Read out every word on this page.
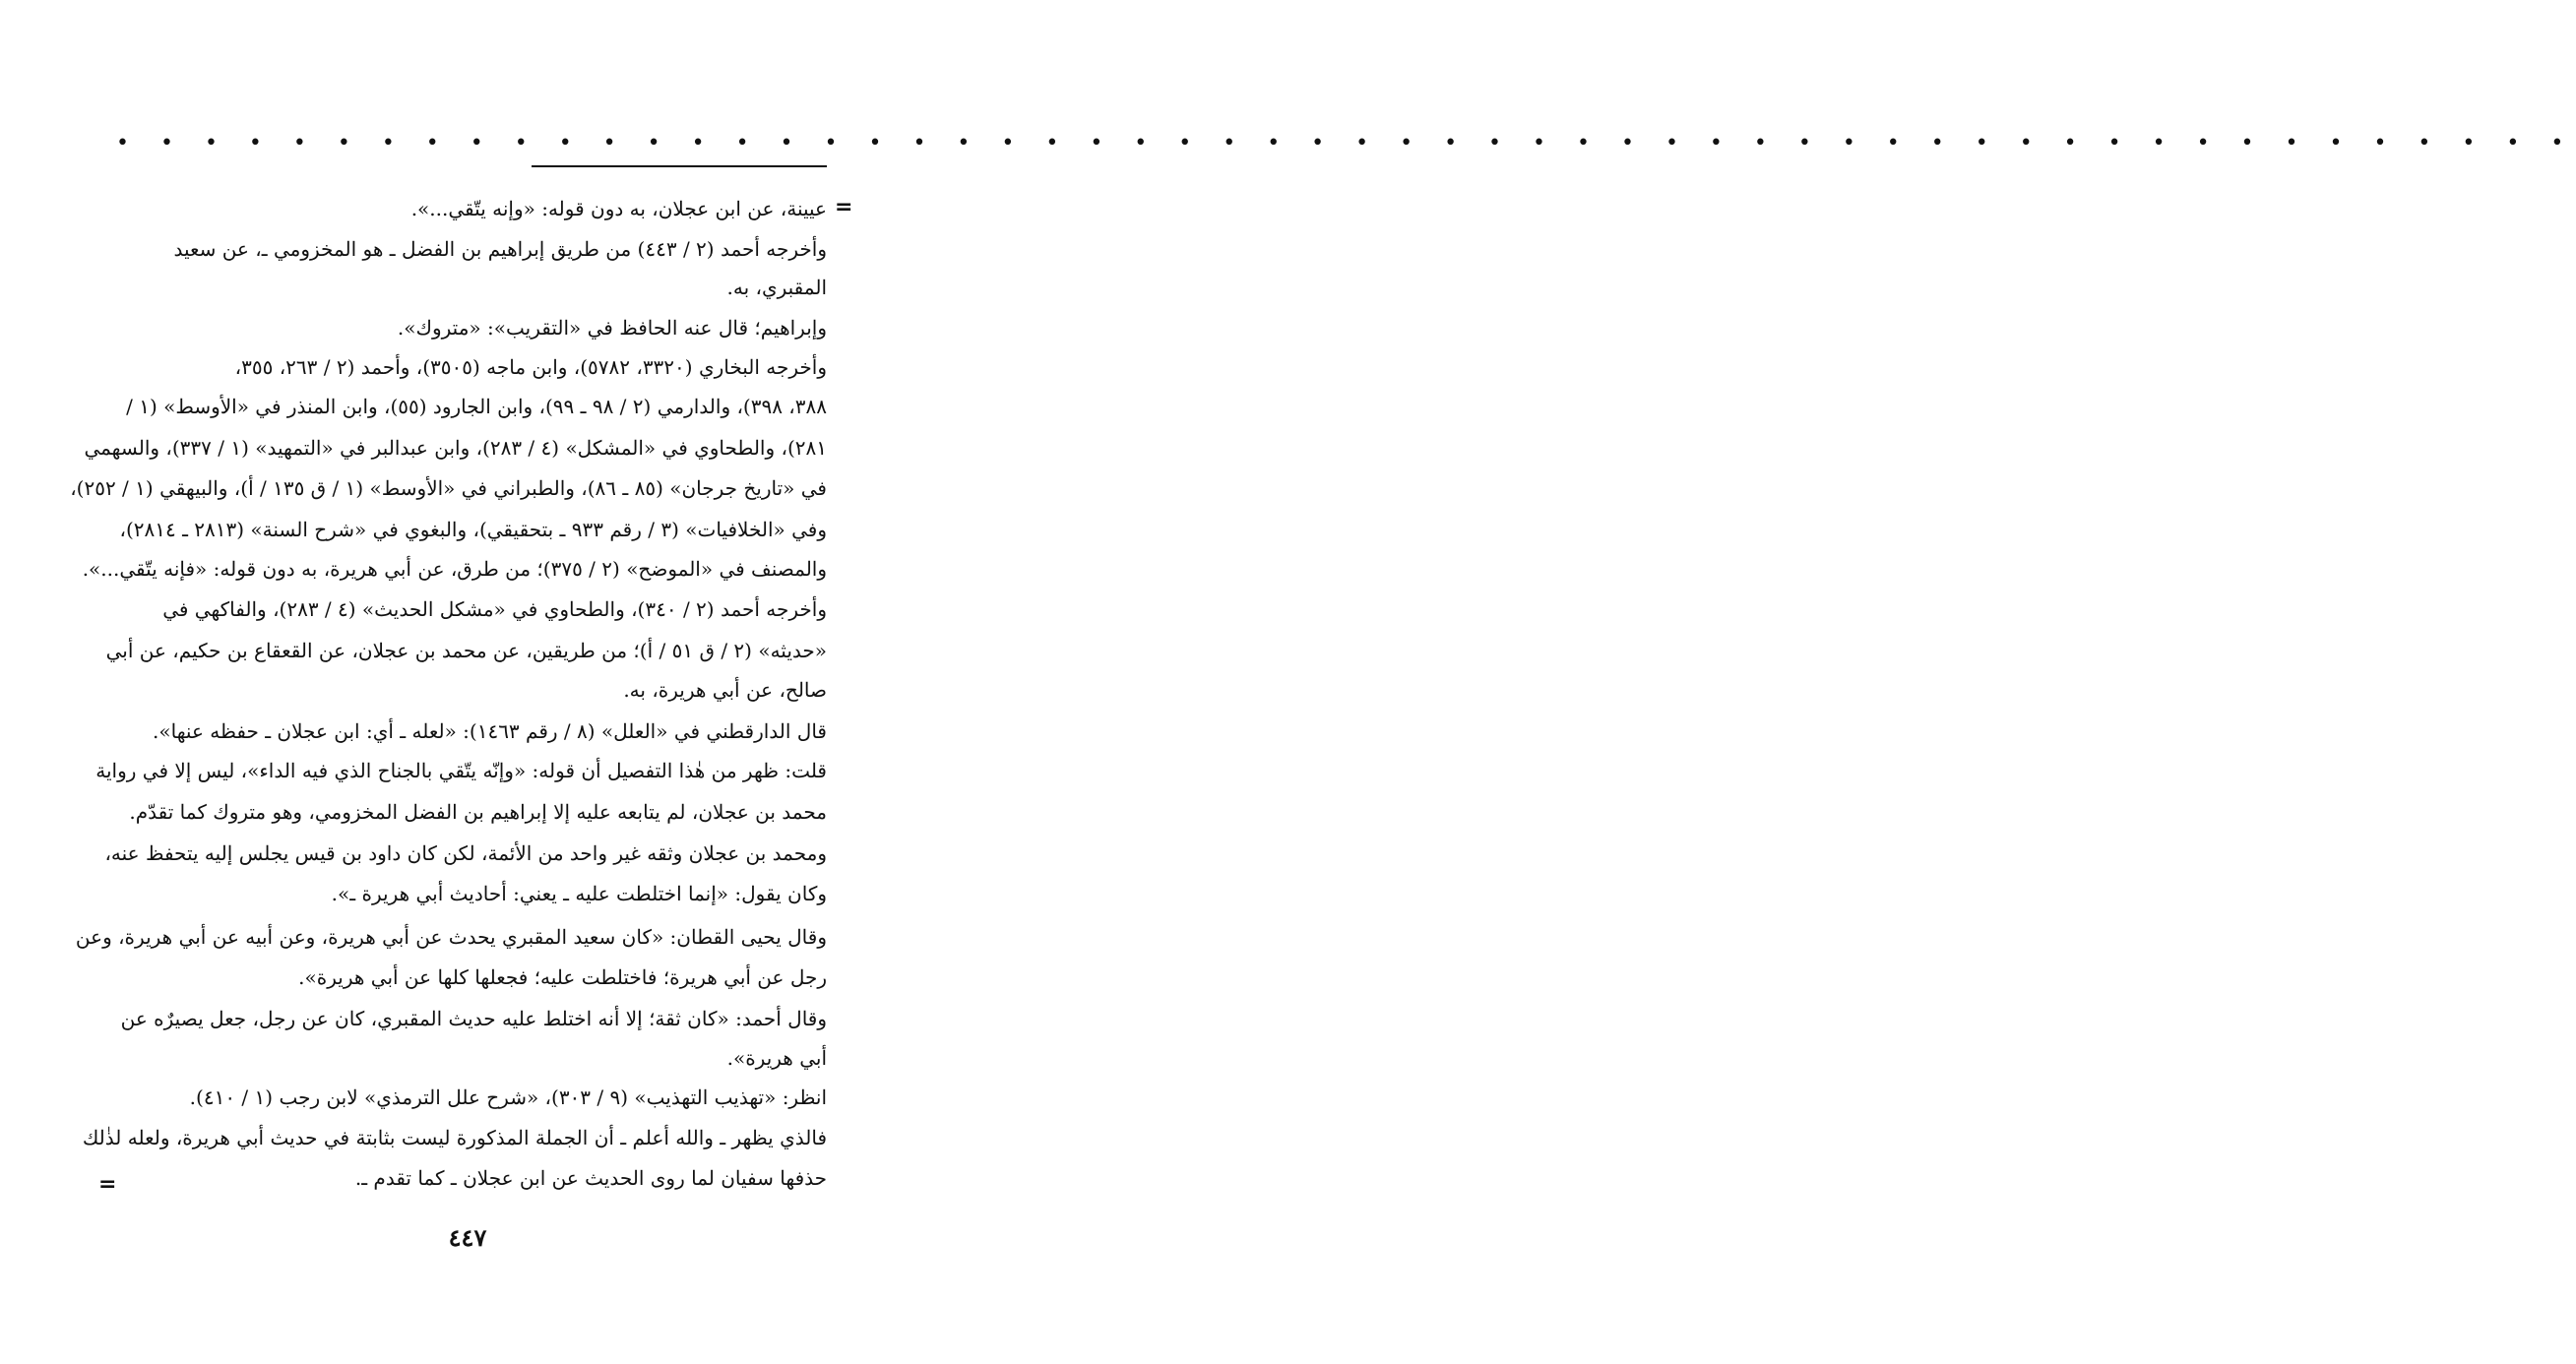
• • • • • • • • • • • • • • • • • • • • • • • • • • • • • • • • • • • • • • • • • • • • • • • • • • • • • • • •
=
=
عيينة، عن ابن عجلان، به دون قوله: «وإنه يتّقي...».
وأخرجه أحمد (٢ / ٤٤٣) من طريق إبراهيم بن الفضل ـ هو المخزومي ـ، عن سعيد
المقبري، به.
وإبراهيم؛ قال عنه الحافظ في «التقريب»: «متروك».
وأخرجه البخاري (٣٣٢٠، ٥٧٨٢)، وابن ماجه (٣٥٠٥)، وأحمد (٢ / ٢٦٣، ٣٥٥،
٣٨٨، ٣٩٨)، والدارمي (٢ / ٩٨ ـ ٩٩)، وابن الجارود (٥٥)، وابن المنذر في «الأوسط» (١ /
٢٨١)، والطحاوي في «المشكل» (٤ / ٢٨٣)، وابن عبدالبر في «التمهيد» (١ / ٣٣٧)، والسهمي
في «تاريخ جرجان» (٨٥ ـ ٨٦)، والطبراني في «الأوسط» (١ / ق ١٣٥ / أ)، والبيهقي (١ / ٢٥٢)،
وفي «الخلافيات» (٣ / رقم ٩٣٣ ـ بتحقيقي)، والبغوي في «شرح السنة» (٢٨١٣ ـ ٢٨١٤)،
والمصنف في «الموضح» (٢ / ٣٧٥)؛ من طرق، عن أبي هريرة، به دون قوله: «فإنه يتّقي...».
وأخرجه أحمد (٢ / ٣٤٠)، والطحاوي في «مشكل الحديث» (٤ / ٢٨٣)، والفاكهي في
«حديثه» (٢ / ق ٥١ / أ)؛ من طريقين، عن محمد بن عجلان، عن القعقاع بن حكيم، عن أبي
صالح، عن أبي هريرة، به.
قال الدارقطني في «العلل» (٨ / رقم ١٤٦٣): «لعله ـ أي: ابن عجلان ـ حفظه عنها».
قلت: ظهر من هٰذا التفصيل أن قوله: «وإنّه يتّقي بالجناح الذي فيه الداء»، ليس إلا في رواية
محمد بن عجلان، لم يتابعه عليه إلا إبراهيم بن الفضل المخزومي، وهو متروك كما تقدّم.
ومحمد بن عجلان وثقه غير واحد من الأئمة، لكن كان داود بن قيس يجلس إليه يتحفظ عنه،
وكان يقول: «إنما اختلطت عليه ـ يعني: أحاديث أبي هريرة ـ».
وقال يحيى القطان: «كان سعيد المقبري يحدث عن أبي هريرة، وعن أبيه عن أبي هريرة، وعن
رجل عن أبي هريرة؛ فاختلطت عليه؛ فجعلها كلها عن أبي هريرة».
وقال أحمد: «كان ثقة؛ إلا أنه اختلط عليه حديث المقبري، كان عن رجل، جعل يصيرٌه عن
أبي هريرة».
انظر: «تهذيب التهذيب» (٩ / ٣٠٣)، «شرح علل الترمذي» لابن رجب (١ / ٤١٠).
فالذي يظهر ـ والله أعلم ـ أن الجملة المذكورة ليست بثابتة في حديث أبي هريرة، ولعله لذٰلك
حذفها سفيان لما روى الحديث عن ابن عجلان ـ كما تقدم ـ.
٤٤٧
